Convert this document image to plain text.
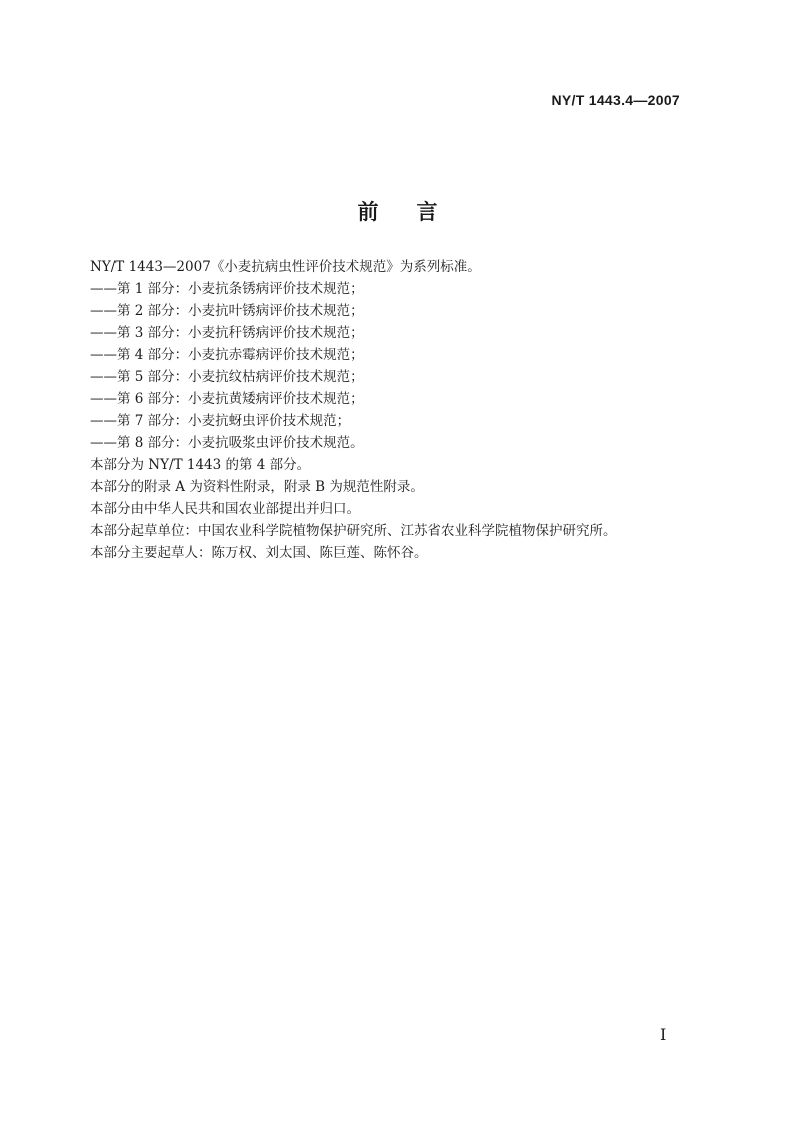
NY/T 1443.4—2007
前言
NY/T 1443—2007《小麦抗病虫性评价技术规范》为系列标准。
——第 1 部分：小麦抗条锈病评价技术规范；
——第 2 部分：小麦抗叶锈病评价技术规范；
——第 3 部分：小麦抗秆锈病评价技术规范；
——第 4 部分：小麦抗赤霉病评价技术规范；
——第 5 部分：小麦抗纹枯病评价技术规范；
——第 6 部分：小麦抗黄矮病评价技术规范；
——第 7 部分：小麦抗蚜虫评价技术规范；
——第 8 部分：小麦抗吸浆虫评价技术规范。
本部分为 NY/T 1443 的第 4 部分。
本部分的附录 A 为资料性附录，附录 B 为规范性附录。
本部分由中华人民共和国农业部提出并归口。
本部分起草单位：中国农业科学院植物保护研究所、江苏省农业科学院植物保护研究所。
本部分主要起草人：陈万权、刘太国、陈巨莲、陈怀谷。
I
